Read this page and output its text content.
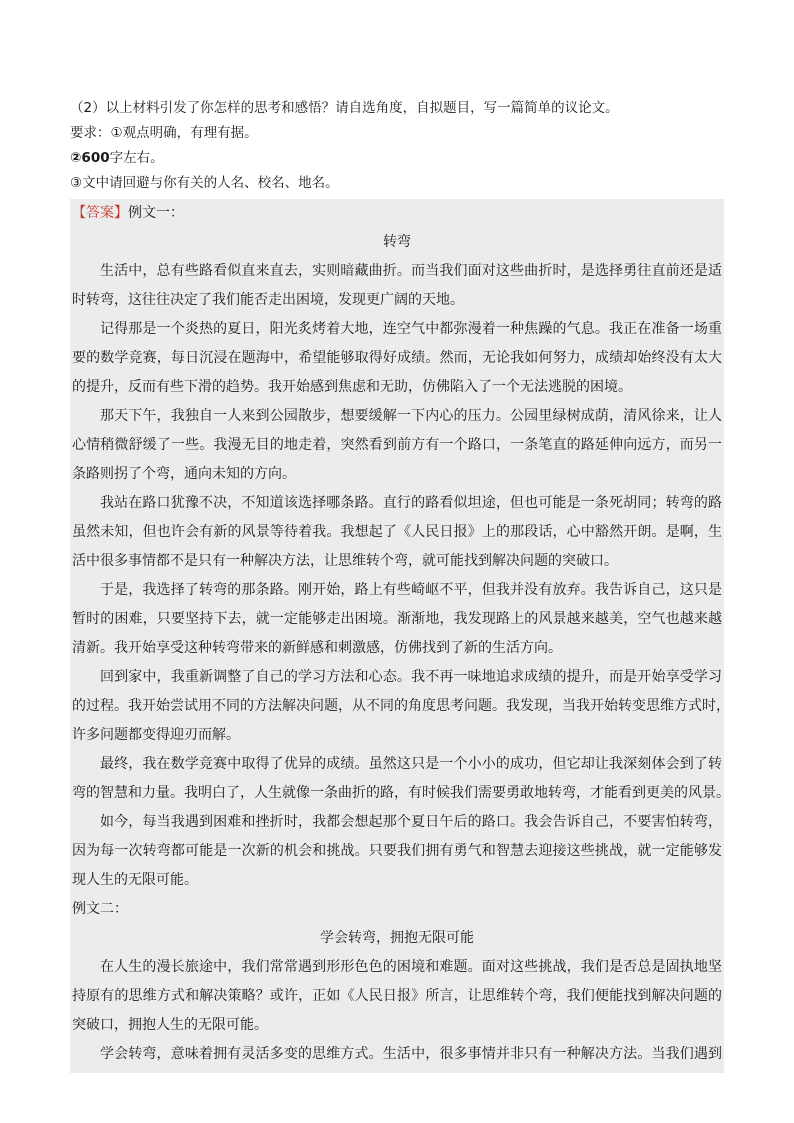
（2）以上材料引发了你怎样的思考和感悟？请自选角度，自拟题目，写一篇简单的议论文。
要求：①观点明确，有理有据。
②600字左右。
③文中请回避与你有关的人名、校名、地名。
【答案】例文一：
转弯
生活中，总有些路看似直来直去，实则暗藏曲折。而当我们面对这些曲折时，是选择勇往直前还是适
时转弯，这往往决定了我们能否走出困境，发现更广阔的天地。
记得那是一个炎热的夏日，阳光炙烤着大地，连空气中都弥漫着一种焦躁的气息。我正在准备一场重
要的数学竞赛，每日沉浸在题海中，希望能够取得好成绩。然而，无论我如何努力，成绩却始终没有太大
的提升，反而有些下滑的趋势。我开始感到焦虑和无助，仿佛陷入了一个无法逃脱的困境。
那天下午，我独自一人来到公园散步，想要缓解一下内心的压力。公园里绿树成荫，清风徐来，让人
心情稍微舒缓了一些。我漫无目的地走着，突然看到前方有一个路口，一条笔直的路延伸向远方，而另一
条路则拐了个弯，通向未知的方向。
我站在路口犹豫不决，不知道该选择哪条路。直行的路看似坦途，但也可能是一条死胡同；转弯的路
虽然未知，但也许会有新的风景等待着我。我想起了《人民日报》上的那段话，心中豁然开朗。是啊，生
活中很多事情都不是只有一种解决方法，让思维转个弯，就可能找到解决问题的突破口。
于是，我选择了转弯的那条路。刚开始，路上有些崎岖不平，但我并没有放弃。我告诉自己，这只是
暂时的困难，只要坚持下去，就一定能够走出困境。渐渐地，我发现路上的风景越来越美，空气也越来越
清新。我开始享受这种转弯带来的新鲜感和刺激感，仿佛找到了新的生活方向。
回到家中，我重新调整了自己的学习方法和心态。我不再一味地追求成绩的提升，而是开始享受学习
的过程。我开始尝试用不同的方法解决问题，从不同的角度思考问题。我发现，当我开始转变思维方式时，
许多问题都变得迎刃而解。
最终，我在数学竞赛中取得了优异的成绩。虽然这只是一个小小的成功，但它却让我深刻体会到了转
弯的智慧和力量。我明白了，人生就像一条曲折的路，有时候我们需要勇敢地转弯，才能看到更美的风景。
如今，每当我遇到困难和挫折时，我都会想起那个夏日午后的路口。我会告诉自己，不要害怕转弯，
因为每一次转弯都可能是一次新的机会和挑战。只要我们拥有勇气和智慧去迎接这些挑战，就一定能够发
现人生的无限可能。
例文二：
学会转弯，拥抱无限可能
在人生的漫长旅途中，我们常常遇到形形色色的困境和难题。面对这些挑战，我们是否总是固执地坚
持原有的思维方式和解决策略？或许，正如《人民日报》所言，让思维转个弯，我们便能找到解决问题的
突破口，拥抱人生的无限可能。
学会转弯，意味着拥有灵活多变的思维方式。生活中，很多事情并非只有一种解决方法。当我们遇到
